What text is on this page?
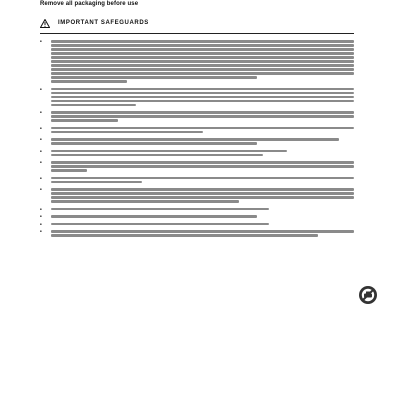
Remove all packaging before use

IMPORTANT SAFEGUARDS
•
•
•
•
•
•
•
•
•
•
•
•
•
